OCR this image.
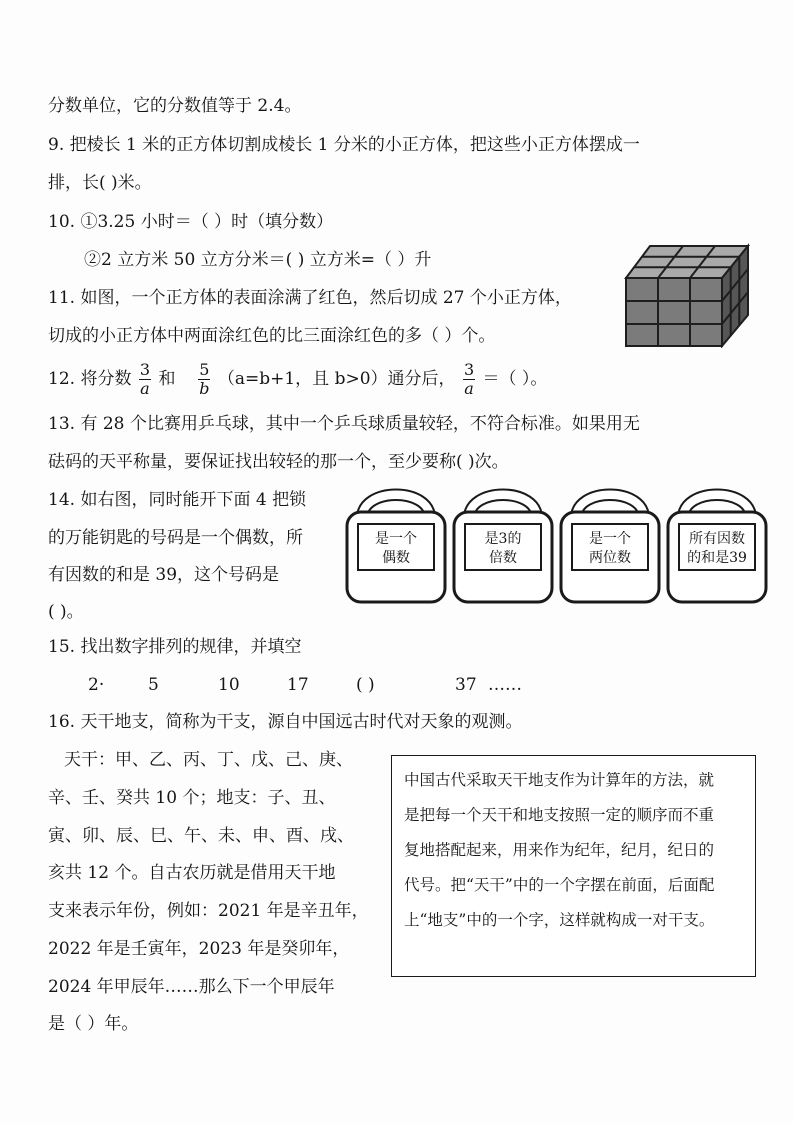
分数单位，它的分数值等于 2.4。
9. 把棱长 1 米的正方体切割成棱长 1 分米的小正方体，把这些小正方体摆成一
排，长( )米。
10. ①3.25 小时＝（ ）时（填分数）
②2 立方米 50 立方分米＝( ) 立方米=（ ）升
11. 如图，一个正方体的表面涂满了红色，然后切成 27 个小正方体，
切成的小正方体中两面涂红色的比三面涂红色的多（ ）个。
12. 将分数 $\frac{3}{a}$ 和 $\frac{5}{b} (a=b+1$，且 b>0）通分后， $\frac{3}{a}$ ＝（ ）。
13. 有 28 个比赛用乒乓球，其中一个乒乓球质量较轻，不符合标准。如果用无
砝码的天平称量，要保证找出较轻的那一个，至少要称( )次。
14. 如右图，同时能开下面 4 把锁
的万能钥匙的号码是一个偶数，所
有因数的和是 39，这个号码是
( )。
是一个
偶数
是3的
倍数
是一个
两位数
所有因数
的和是39
15. 找出数字排列的规律，并填空
2·	5	10	17	( )	37 ……
16. 天干地支，简称为干支，源自中国远古时代对天象的观测。
天干：甲、乙、丙、丁、戊、己、庚、
辛、壬、癸共 10 个；地支：子、丑、
寅、卯、辰、巳、午、未、申、酉、戌、
亥共 12 个。自古农历就是借用天干地
支来表示年份，例如：2021 年是辛丑年，
2022 年是壬寅年，2023 年是癸卯年，
2024 年甲辰年……那么下一个甲辰年
是（ ）年。
中国古代采取天干地支作为计算年的方法，就
是把每一个天干和地支按照一定的顺序而不重
复地搭配起来，用来作为纪年，纪月，纪日的
代号。把“天干”中的一个字摆在前面，后面配
上“地支”中的一个字，这样就构成一对干支。
